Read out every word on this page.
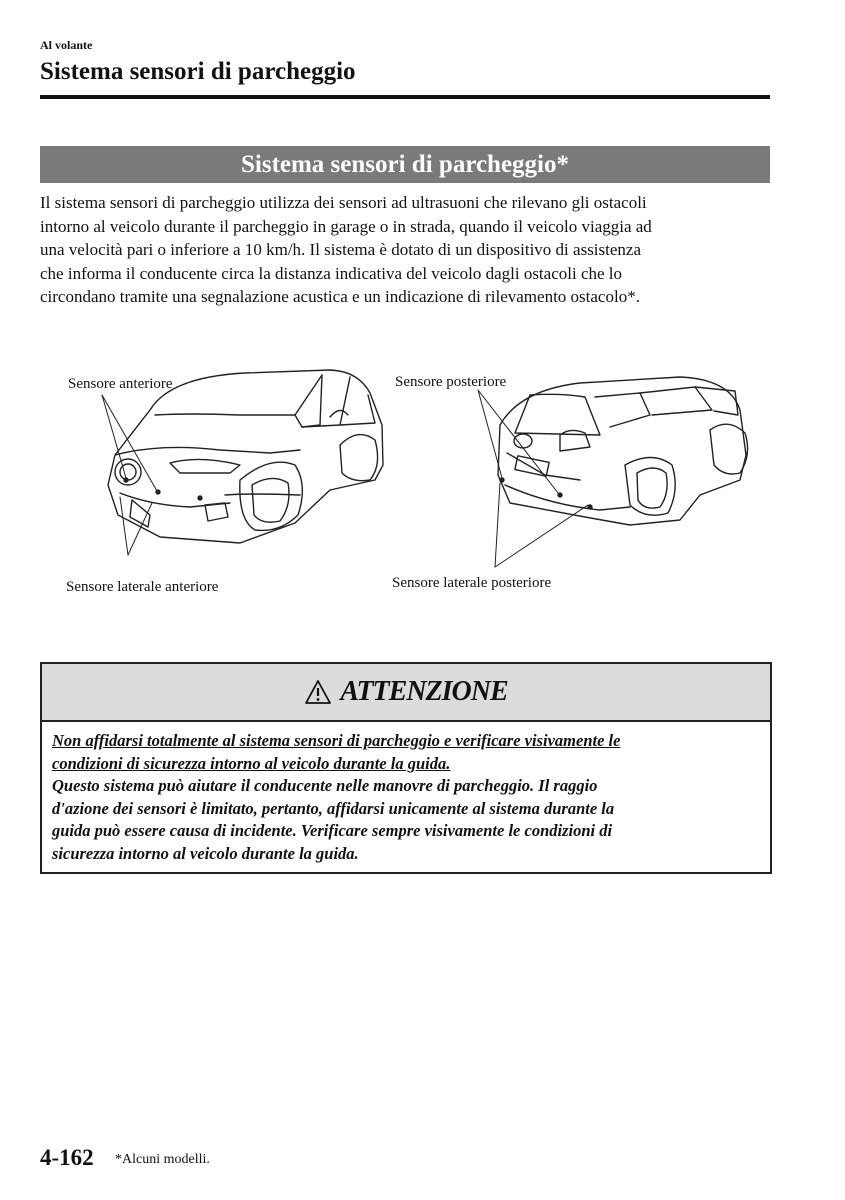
Al volante
Sistema sensori di parcheggio
Sistema sensori di parcheggio*
Il sistema sensori di parcheggio utilizza dei sensori ad ultrasuoni che rilevano gli ostacoli
intorno al veicolo durante il parcheggio in garage o in strada, quando il veicolo viaggia ad
una velocità pari o inferiore a 10 km/h. Il sistema è dotato di un dispositivo di assistenza
che informa il conducente circa la distanza indicativa del veicolo dagli ostacoli che lo
circondano tramite una segnalazione acustica e un indicazione di rilevamento ostacolo*.
Sensore anteriore
Sensore laterale anteriore
Sensore posteriore
Sensore laterale posteriore
ATTENZIONE
Non affidarsi totalmente al sistema sensori di parcheggio e verificare visivamente le
condizioni di sicurezza intorno al veicolo durante la guida.
Questo sistema può aiutare il conducente nelle manovre di parcheggio. Il raggio
d'azione dei sensori è limitato, pertanto, affidarsi unicamente al sistema durante la
guida può essere causa di incidente. Verificare sempre visivamente le condizioni di
sicurezza intorno al veicolo durante la guida.
4-162 *Alcuni modelli.
